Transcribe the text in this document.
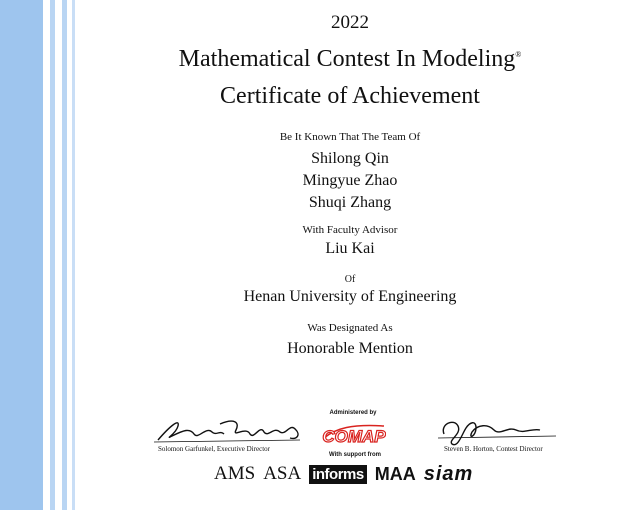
2022
Mathematical Contest In Modeling®
Certificate of Achievement
Be It Known That The Team Of
Shilong Qin
Mingyue Zhao
Shuqi Zhang
With Faculty Advisor
Liu Kai
Of
Henan University of Engineering
Was Designated As
Honorable Mention
Solomon Garfunkel, Executive Director
Administered by
COMAP
With support from
Steven B. Horton, Contest Director
AMS ASA informs MAA siam
